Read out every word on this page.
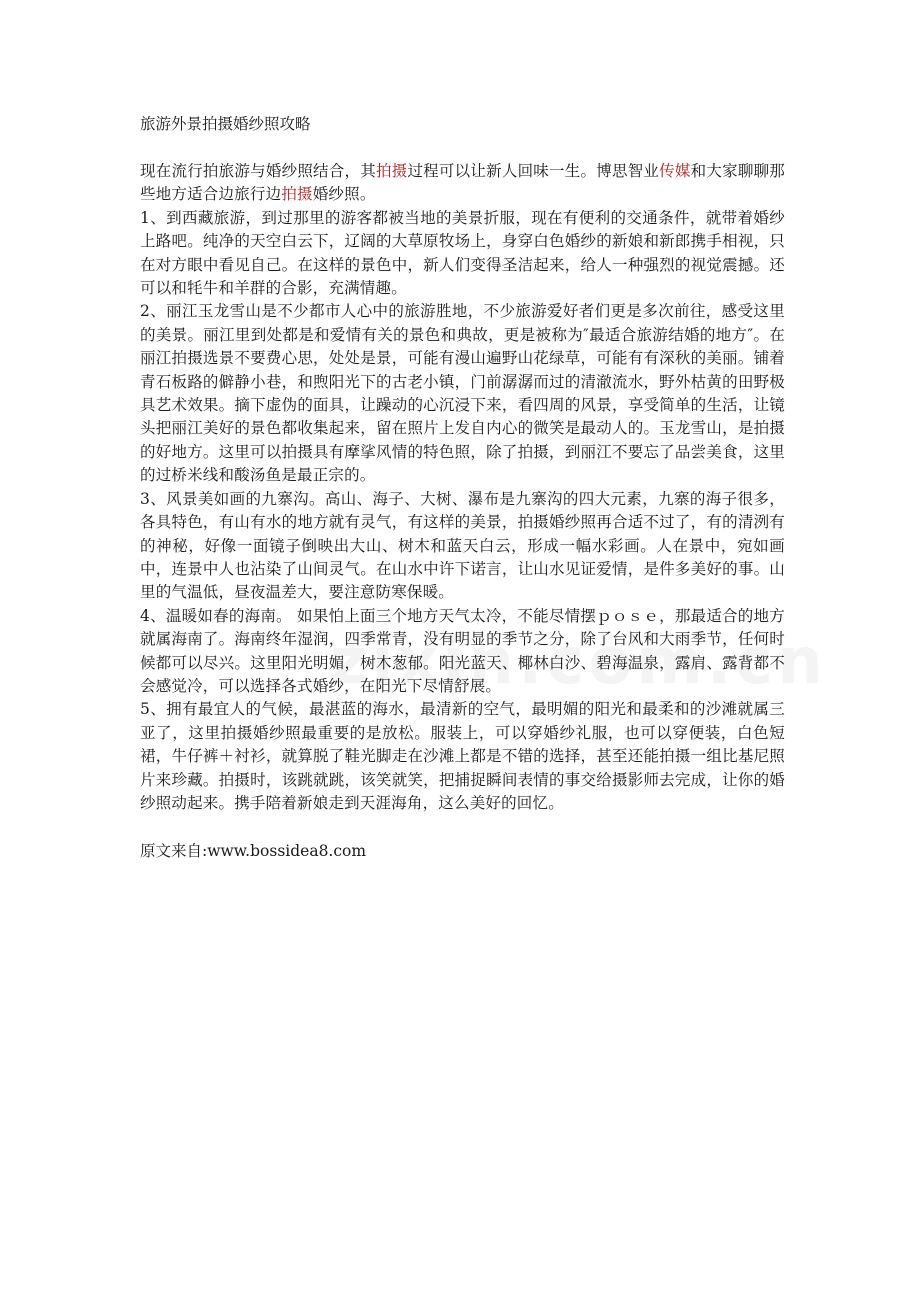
旅游外景拍摄婚纱照攻略

现在流行拍旅游与婚纱照结合，其拍摄过程可以让新人回味一生。博思智业传媒和大家聊聊那些地方适合边旅行边拍摄婚纱照。

1、到西藏旅游，到过那里的游客都被当地的美景折服，现在有便利的交通条件，就带着婚纱上路吧。纯净的天空白云下，辽阔的大草原牧场上，身穿白色婚纱的新娘和新郎携手相视，只在对方眼中看见自己。在这样的景色中，新人们变得圣洁起来，给人一种强烈的视觉震撼。还可以和牦牛和羊群的合影，充满情趣。

2、丽江玉龙雪山是不少都市人心中的旅游胜地，不少旅游爱好者们更是多次前往，感受这里的美景。丽江里到处都是和爱情有关的景色和典故，更是被称为″最适合旅游结婚的地方″。在丽江拍摄选景不要费心思，处处是景，可能有漫山遍野山花绿草，可能有有深秋的美丽。铺着青石板路的僻静小巷，和煦阳光下的古老小镇，门前潺潺而过的清澈流水，野外枯黄的田野极具艺术效果。摘下虚伪的面具，让躁动的心沉浸下来，看四周的风景，享受简单的生活，让镜头把丽江美好的景色都收集起来，留在照片上发自内心的微笑是最动人的。玉龙雪山，是拍摄的好地方。这里可以拍摄具有摩挲风情的特色照，除了拍摄，到丽江不要忘了品尝美食，这里的过桥米线和酸汤鱼是最正宗的。

3、风景美如画的九寨沟。高山、海子、大树、瀑布是九寨沟的四大元素，九寨的海子很多，各具特色，有山有水的地方就有灵气，有这样的美景，拍摄婚纱照再合适不过了，有的清洌有的神秘，好像一面镜子倒映出大山、树木和蓝天白云，形成一幅水彩画。人在景中，宛如画中，连景中人也沾染了山间灵气。在山水中许下诺言，让山水见证爱情，是件多美好的事。山里的气温低，昼夜温差大，要注意防寒保暖。

4、温暖如春的海南。 如果怕上面三个地方天气太冷，不能尽情摆ｐｏｓｅ，那最适合的地方就属海南了。海南终年湿润，四季常青，没有明显的季节之分，除了台风和大雨季节，任何时候都可以尽兴。这里阳光明媚，树木葱郁。阳光蓝天、椰林白沙、碧海温泉，露肩、露背都不会感觉冷，可以选择各式婚纱，在阳光下尽情舒展。

5、拥有最宜人的气候，最湛蓝的海水，最清新的空气，最明媚的阳光和最柔和的沙滩就属三亚了，这里拍摄婚纱照最重要的是放松。服装上，可以穿婚纱礼服，也可以穿便装，白色短裙，牛仔裤＋衬衫，就算脱了鞋光脚走在沙滩上都是不错的选择，甚至还能拍摄一组比基尼照片来珍藏。拍摄时，该跳就跳，该笑就笑，把捕捉瞬间表情的事交给摄影师去完成，让你的婚纱照动起来。携手陪着新娘走到天涯海角，这么美好的回忆。

原文来自:www.bossidea8.com
